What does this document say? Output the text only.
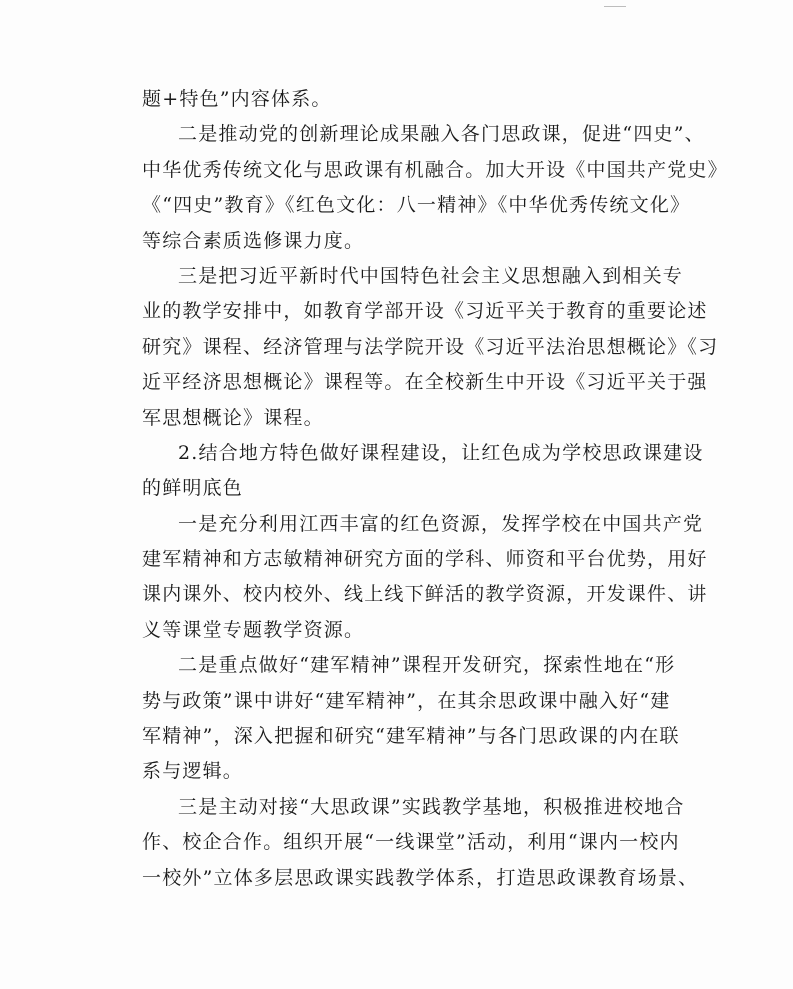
题+特色”内容体系。
二是推动党的创新理论成果融入各门思政课，促进“四史”、
中华优秀传统文化与思政课有机融合。加大开设《中国共产党史》
《“四史”教育》《红色文化：八一精神》《中华优秀传统文化》
等综合素质选修课力度。
三是把习近平新时代中国特色社会主义思想融入到相关专
业的教学安排中，如教育学部开设《习近平关于教育的重要论述
研究》课程、经济管理与法学院开设《习近平法治思想概论》《习
近平经济思想概论》课程等。在全校新生中开设《习近平关于强
军思想概论》课程。
2.结合地方特色做好课程建设，让红色成为学校思政课建设
的鲜明底色
一是充分利用江西丰富的红色资源，发挥学校在中国共产党
建军精神和方志敏精神研究方面的学科、师资和平台优势，用好
课内课外、校内校外、线上线下鲜活的教学资源，开发课件、讲
义等课堂专题教学资源。
二是重点做好“建军精神”课程开发研究，探索性地在“形
势与政策”课中讲好“建军精神”，在其余思政课中融入好“建
军精神”，深入把握和研究“建军精神”与各门思政课的内在联
系与逻辑。
三是主动对接“大思政课”实践教学基地，积极推进校地合
作、校企合作。组织开展“一线课堂”活动，利用“课内一校内
一校外”立体多层思政课实践教学体系，打造思政课教育场景、
